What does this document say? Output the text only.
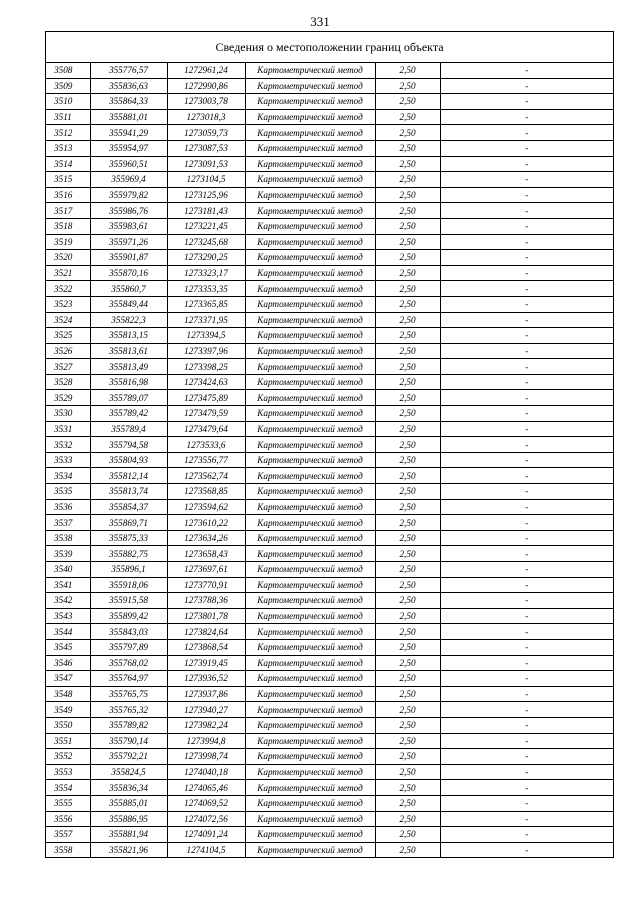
331
Сведения о местоположении границ объекта
3508	355776,57	1272961,24	Картометрический метод	2,50	-
3509	355836,63	1272990,86	Картометрический метод	2,50	-
3510	355864,33	1273003,78	Картометрический метод	2,50	-
3511	355881,01	1273018,3	Картометрический метод	2,50	-
3512	355941,29	1273059,73	Картометрический метод	2,50	-
3513	355954,97	1273087,53	Картометрический метод	2,50	-
3514	355960,51	1273091,53	Картометрический метод	2,50	-
3515	355969,4	1273104,5	Картометрический метод	2,50	-
3516	355979,82	1273125,96	Картометрический метод	2,50	-
3517	355986,76	1273181,43	Картометрический метод	2,50	-
3518	355983,61	1273221,45	Картометрический метод	2,50	-
3519	355971,26	1273245,68	Картометрический метод	2,50	-
3520	355901,87	1273290,25	Картометрический метод	2,50	-
3521	355870,16	1273323,17	Картометрический метод	2,50	-
3522	355860,7	1273353,35	Картометрический метод	2,50	-
3523	355849,44	1273365,85	Картометрический метод	2,50	-
3524	355822,3	1273371,95	Картометрический метод	2,50	-
3525	355813,15	1273394,5	Картометрический метод	2,50	-
3526	355813,61	1273397,96	Картометрический метод	2,50	-
3527	355813,49	1273398,25	Картометрический метод	2,50	-
3528	355816,98	1273424,63	Картометрический метод	2,50	-
3529	355789,07	1273475,89	Картометрический метод	2,50	-
3530	355789,42	1273479,59	Картометрический метод	2,50	-
3531	355789,4	1273479,64	Картометрический метод	2,50	-
3532	355794,58	1273533,6	Картометрический метод	2,50	-
3533	355804,93	1273556,77	Картометрический метод	2,50	-
3534	355812,14	1273562,74	Картометрический метод	2,50	-
3535	355813,74	1273568,85	Картометрический метод	2,50	-
3536	355854,37	1273594,62	Картометрический метод	2,50	-
3537	355869,71	1273610,22	Картометрический метод	2,50	-
3538	355875,33	1273634,26	Картометрический метод	2,50	-
3539	355882,75	1273658,43	Картометрический метод	2,50	-
3540	355896,1	1273697,61	Картометрический метод	2,50	-
3541	355918,06	1273770,91	Картометрический метод	2,50	-
3542	355915,58	1273788,36	Картометрический метод	2,50	-
3543	355899,42	1273801,78	Картометрический метод	2,50	-
3544	355843,03	1273824,64	Картометрический метод	2,50	-
3545	355797,89	1273868,54	Картометрический метод	2,50	-
3546	355768,02	1273919,45	Картометрический метод	2,50	-
3547	355764,97	1273936,52	Картометрический метод	2,50	-
3548	355765,75	1273937,86	Картометрический метод	2,50	-
3549	355765,32	1273940,27	Картометрический метод	2,50	-
3550	355789,82	1273982,24	Картометрический метод	2,50	-
3551	355790,14	1273994,8	Картометрический метод	2,50	-
3552	355792,21	1273998,74	Картометрический метод	2,50	-
3553	355824,5	1274040,18	Картометрический метод	2,50	-
3554	355836,34	1274065,46	Картометрический метод	2,50	-
3555	355885,01	1274069,52	Картометрический метод	2,50	-
3556	355886,95	1274072,56	Картометрический метод	2,50	-
3557	355881,94	1274091,24	Картометрический метод	2,50	-
3558	355821,96	1274104,5	Картометрический метод	2,50	-
